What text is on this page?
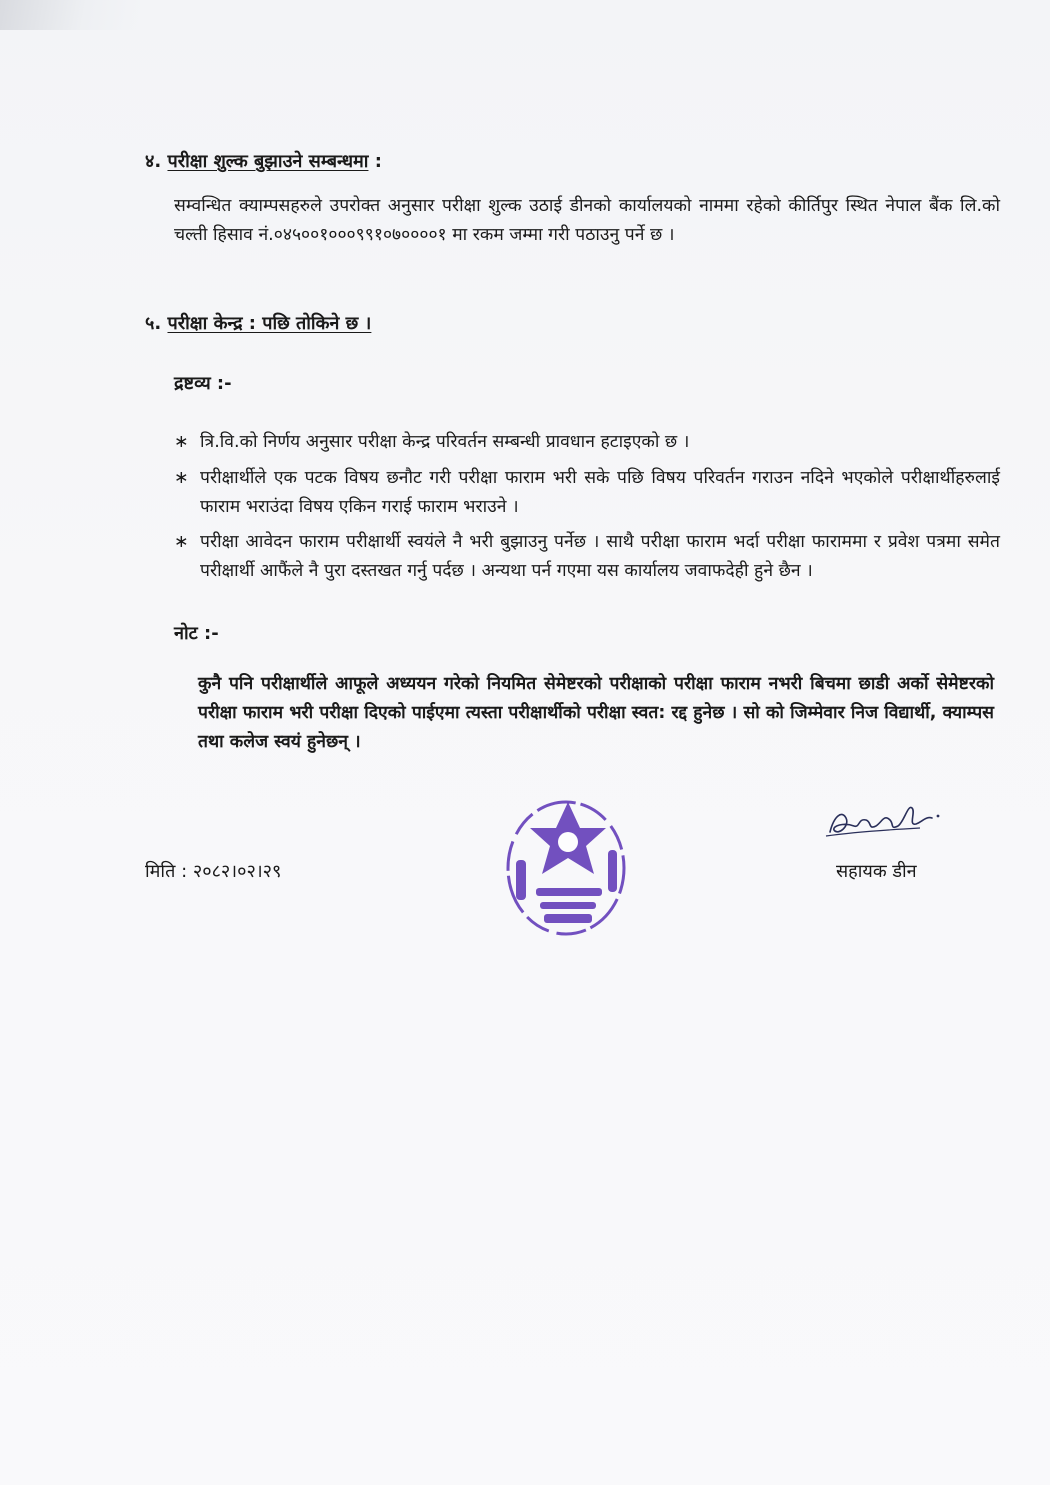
४. परीक्षा शुल्क बुझाउने सम्बन्धमा :
सम्वन्धित क्याम्पसहरुले उपरोक्त अनुसार परीक्षा शुल्क उठाई डीनको कार्यालयको नाममा रहेको कीर्तिपुर स्थित नेपाल बैंक लि.को चल्ती हिसाव नं.०४५००१०००९९१०७००००१ मा रकम जम्मा गरी पठाउनु पर्ने छ ।
५. परीक्षा केन्द्र : पछि तोकिने छ ।
द्रष्टव्य :-
∗ त्रि.वि.को निर्णय अनुसार परीक्षा केन्द्र परिवर्तन सम्बन्धी प्रावधान हटाइएको छ ।
∗ परीक्षार्थीले एक पटक विषय छनौट गरी परीक्षा फाराम भरी सके पछि विषय परिवर्तन गराउन नदिने भएकोले परीक्षार्थीहरुलाई फाराम भराउंदा विषय एकिन गराई फाराम भराउने ।
∗ परीक्षा आवेदन फाराम परीक्षार्थी स्वयंले नै भरी बुझाउनु पर्नेछ । साथै परीक्षा फाराम भर्दा परीक्षा फाराममा र प्रवेश पत्रमा समेत परीक्षार्थी आफैंले नै पुरा दस्तखत गर्नु पर्दछ । अन्यथा पर्न गएमा यस कार्यालय जवाफदेही हुने छैन ।
नोट :-
कुनै पनि परीक्षार्थीले आफूले अध्ययन गरेको नियमित सेमेष्टरको परीक्षाको परीक्षा फाराम नभरी बिचमा छाडी अर्को सेमेष्टरको परीक्षा फाराम भरी परीक्षा दिएको पाईएमा त्यस्ता परीक्षार्थीको परीक्षा स्वत: रद्द हुनेछ । सो को जिम्मेवार निज विद्यार्थी, क्याम्पस तथा कलेज स्वयं हुनेछन् ।
मिति : २०८२।०२।२९	सहायक डीन
